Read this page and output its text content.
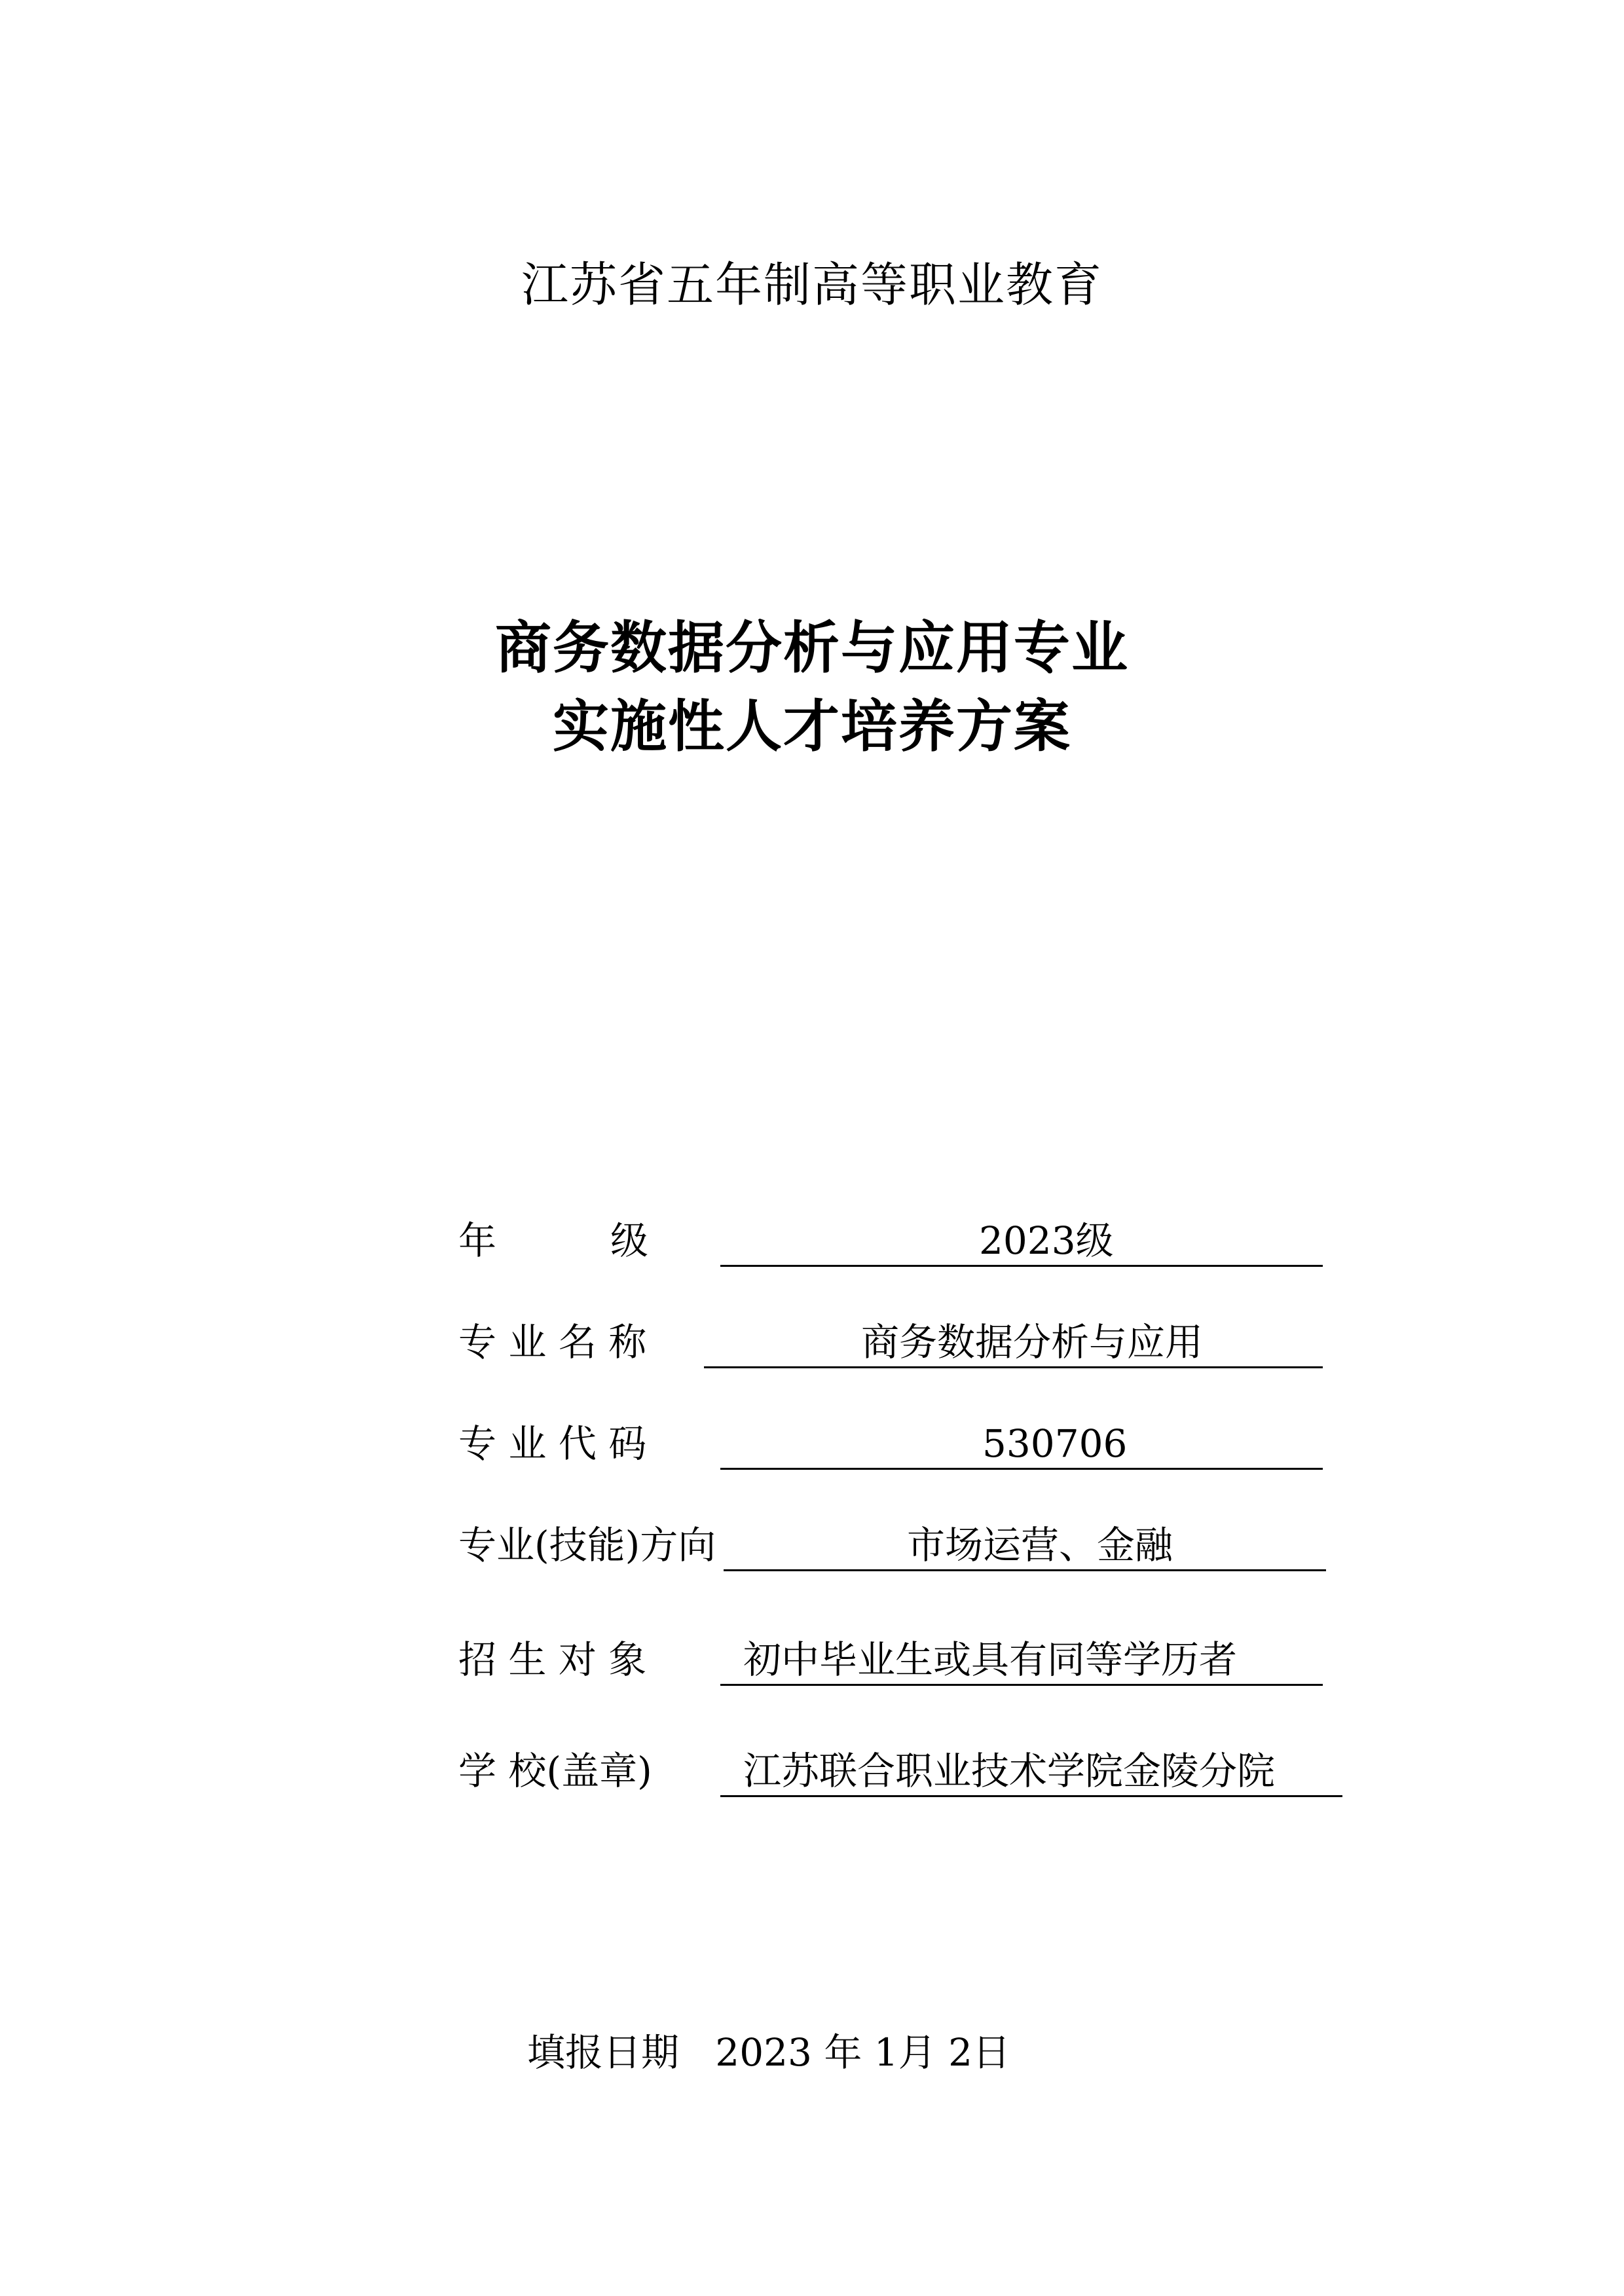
江苏省五年制高等职业教育
商务数据分析与应用专业
实施性人才培养方案
年　　　级	2023级
专 业 名 称	商务数据分析与应用
专 业 代 码	530706
专业(技能)方向	市场运营、金融
招 生 对 象	初中毕业生或具有同等学历者
学 校(盖章) 江苏联合职业技术学院金陵分院
填报日期   2023 年 1月 2日
